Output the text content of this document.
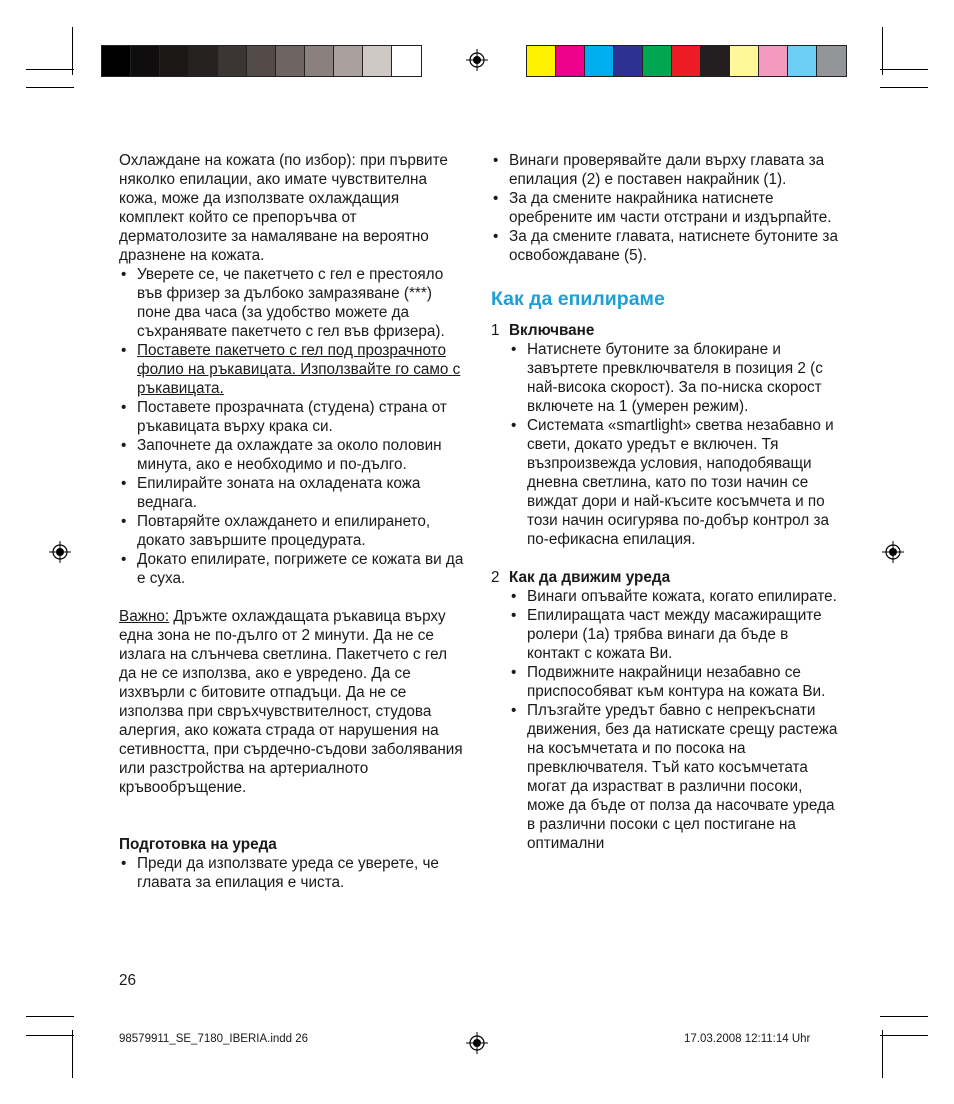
Охлаждане на кожата (по избор): при първите няколко епилации, ако имате чувствителна кожа, може да използвате охлаждащия комплект който се препоръчва от дерматолозите за намаляване на вероятно дразнене на кожата.

• Уверете се, че пакетчето с гел е престояло във фризер за дълбоко замразяване (***) поне два часа (за удобство можете да съхранявате пакетчето с гел във фризера).
• Поставете пакетчето с гел под прозрачното фолио на ръкавицата. Използвайте го само с ръкавицата.
• Поставете прозрачната (студена) страна от ръкавицата върху крака си.
• Започнете да охлаждате за около половин минута, ако е необходимо и по-дълго.
• Епилирайте зоната на охладената кожа веднага.
• Повтаряйте охлаждането и епилирането, докато завършите процедурата.
• Докато епилирате, погрижете се кожата ви да е суха.

Важно: Дръжте охлаждащата ръкавица върху една зона не по-дълго от 2 минути. Да не се излага на слънчева светлина. Пакетчето с гел да не се използва, ако е увредено. Да се изхвърли с битовите отпадъци. Да не се използва при свръхчувствителност, студова алергия, ако кожата страда от нарушения на сетивността, при сърдечно-съдови заболявания или разстройства на артериалното кръвообръщение.

Подготовка на уреда

• Преди да използвате уреда се уверете, че главата за епилация е чиста.
26
• Винаги проверявайте дали върху главата за епилация (2) е поставен накрайник (1).
• За да смените накрайника натиснете оребрените им части отстрани и издърпайте.
• За да смените главата, натиснете бутоните за освобождаване (5).

Как да епилираме

1 Включване
• Натиснете бутоните за блокиране и завъртете превключвателя в позиция 2 (с най-висока скорост). За по-ниска скорост включете на 1 (умерен режим).
• Системата «smartlight» светва незабавно и свети, докато уредът е включен. Тя възпроизвежда условия, наподобяващи дневна светлина, като по този начин се виждат дори и най-късите косъмчета и по този начин осигурява по-добър контрол за по-ефикасна епилация.
2 Как да движим уреда
• Винаги опъвайте кожата, когато епилирате.
• Епилиращата част между масажиращите ролери (1a) трябва винаги да бъде в контакт с кожата Ви.
• Подвижните накрайници незабавно се приспособяват към контура на кожата Ви.
• Плъзгайте уредът бавно с непрекъснати движения, без да натискате срещу растежа на косъмчетата и по посока на превключвателя. Тъй като косъмчетата могат да израстват в различни посоки, може да бъде от полза да насочвате уреда в различни посоки с цел постигане на оптимални
98579911_SE_7180_IBERIA.indd 26	17.03.2008 12:11:14 Uhr
